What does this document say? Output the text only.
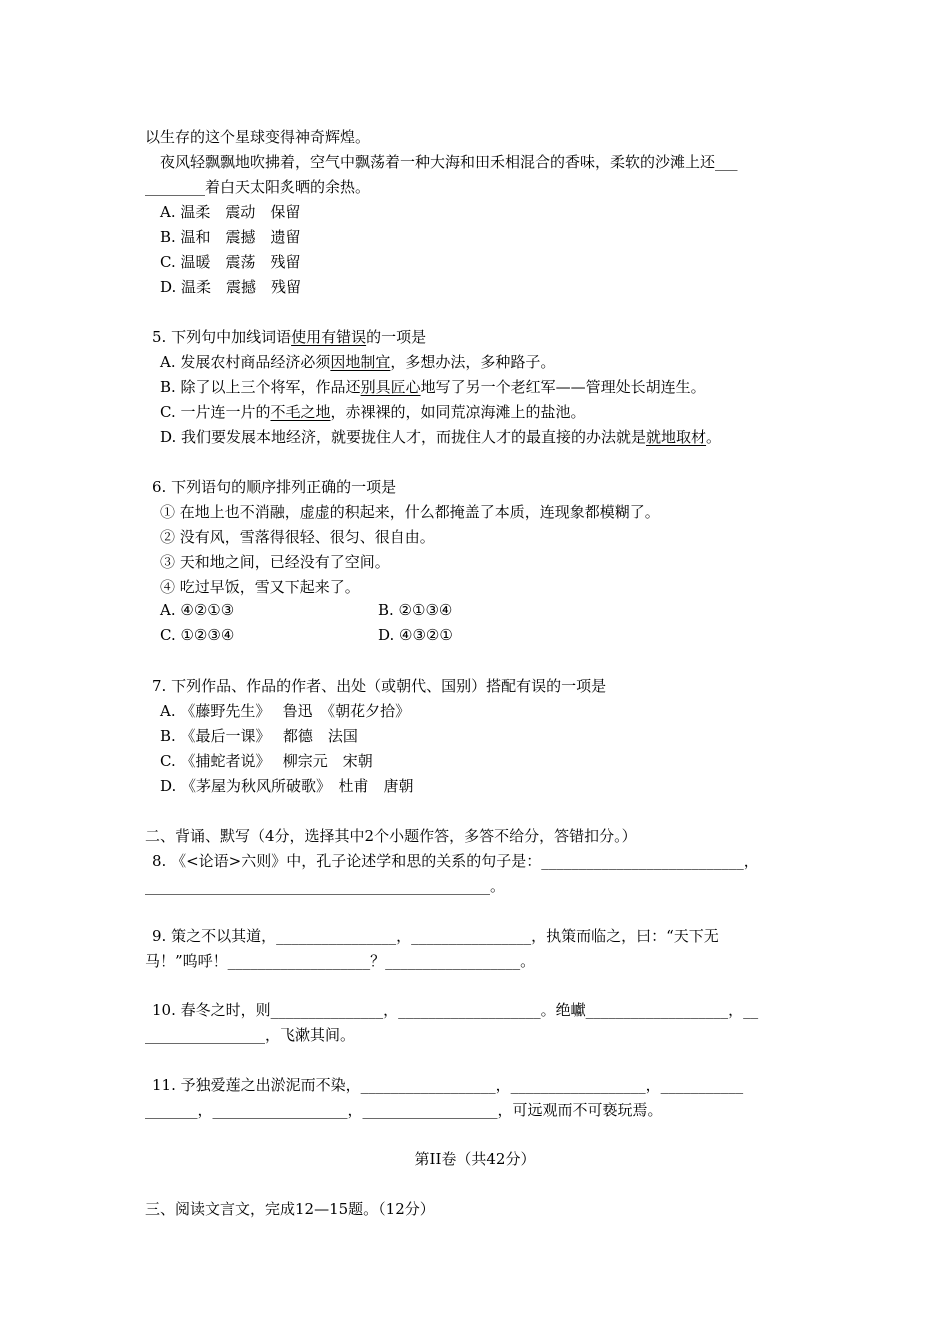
以生存的这个星球变得神奇辉煌。
夜风轻飘飘地吹拂着，空气中飘荡着一种大海和田禾相混合的香味，柔软的沙滩上还___
________着白天太阳炙晒的余热。
A. 温柔　震动　保留
B. 温和　震撼　遗留
C. 温暖　震荡　残留
D. 温柔　震撼　残留
5. 下列句中加线词语使用有错误的一项是
A. 发展农村商品经济必须因地制宜，多想办法，多种路子。
B. 除了以上三个将军，作品还别具匠心地写了另一个老红军——管理处长胡连生。
C. 一片连一片的不毛之地，赤裸裸的，如同荒凉海滩上的盐池。
D. 我们要发展本地经济，就要拢住人才，而拢住人才的最直接的办法就是就地取材。
6. 下列语句的顺序排列正确的一项是
① 在地上也不消融，虚虚的积起来，什么都掩盖了本质，连现象都模糊了。
② 没有风，雪落得很轻、很匀、很自由。
③ 天和地之间，已经没有了空间。
④ 吃过早饭，雪又下起来了。
A. ④②①③	B. ②①③④
C. ①②③④	D. ④③②①
7. 下列作品、作品的作者、出处（或朝代、国别）搭配有误的一项是
A. 《藤野先生》　 鲁迅　《朝花夕拾》
B. 《最后一课》　 都德　法国
C. 《捕蛇者说》　 柳宗元　宋朝
D. 《茅屋为秋风所破歌》　杜甫　唐朝
二、背诵、默写（4分，选择其中2个小题作答，多答不给分，答错扣分。）
8. 《<论语>六则》中，孔子论述学和思的关系的句子是：___________________________，
______________________________________________。
9. 策之不以其道，________________，________________，执策而临之，曰：“天下无
马！”呜呼！___________________？__________________。
10. 春冬之时，则_______________，___________________。绝巘___________________，__
________________，飞漱其间。
11. 予独爱莲之出淤泥而不染，__________________，__________________，___________
_______，__________________，__________________，可远观而不可亵玩焉。
第II卷（共42分）
三、阅读文言文，完成12—15题。（12分）
